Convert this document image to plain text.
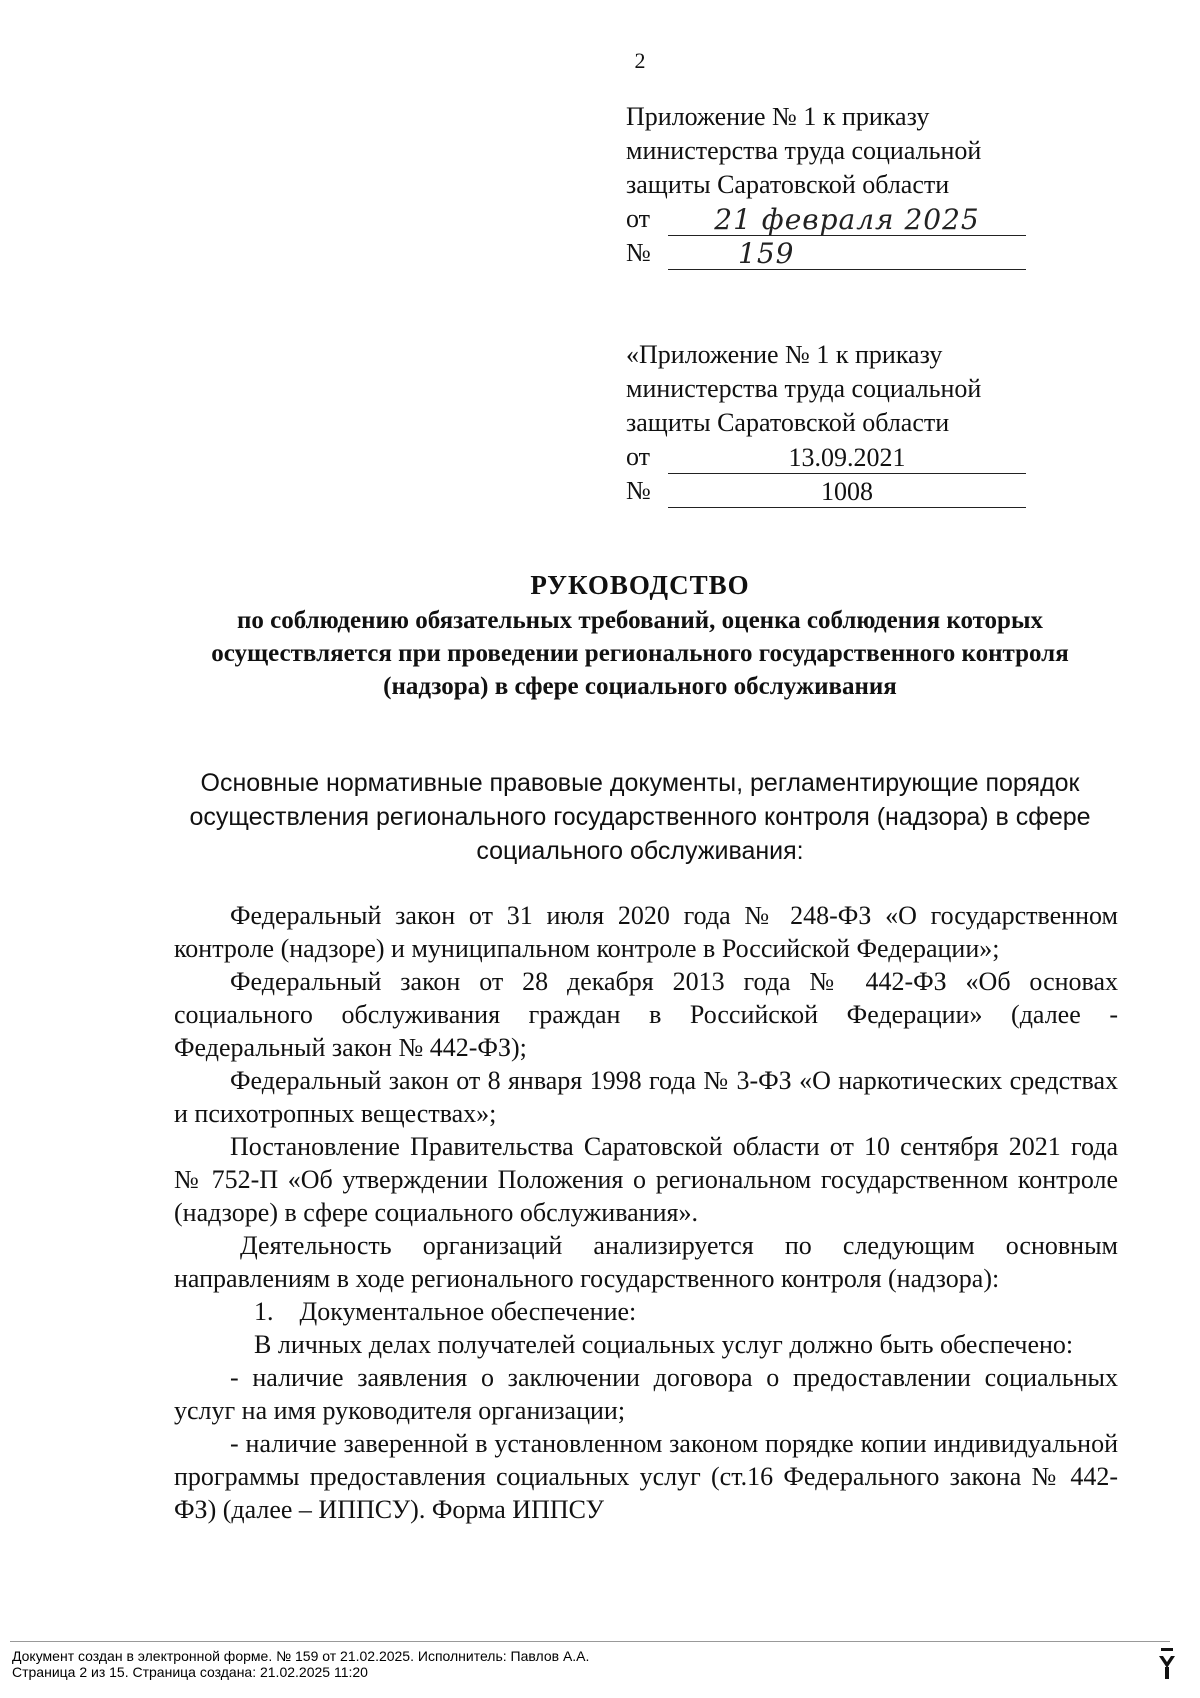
2
Приложение № 1 к приказу
министерства труда социальной
защиты Саратовской области
от	21 февраля 2025
№	159
«Приложение № 1 к приказу
министерства труда социальной
защиты Саратовской области
от	13.09.2021
№	1008
РУКОВОДСТВО
по соблюдению обязательных требований, оценка соблюдения которых осуществляется при проведении регионального государственного контроля (надзора) в сфере социального обслуживания
Основные нормативные правовые документы, регламентирующие порядок осуществления регионального государственного контроля (надзора) в сфере социального обслуживания:

Федеральный закон от 31 июля 2020 года № 248-ФЗ «О государственном контроле (надзоре) и муниципальном контроле в Российской Федерации»;

Федеральный закон от 28 декабря 2013 года № 442-ФЗ «Об основах социального обслуживания граждан в Российской Федерации» (далее - Федеральный закон № 442-ФЗ);

Федеральный закон от 8 января 1998 года № 3-ФЗ «О наркотических средствах и психотропных веществах»;

Постановление Правительства Саратовской области от 10 сентября 2021 года № 752-П «Об утверждении Положения о региональном государственном контроле (надзоре) в сфере социального обслуживания».

Деятельность организаций анализируется по следующим основным направлениям в ходе регионального государственного контроля (надзора):

1.    Документальное обеспечение:

В личных делах получателей социальных услуг должно быть обеспечено:

- наличие заявления о заключении договора о предоставлении социальных услуг на имя руководителя организации;

- наличие заверенной в установленном законом порядке копии индивидуальной программы предоставления социальных услуг (ст.16 Федерального закона № 442-ФЗ) (далее – ИППСУ). Форма ИППСУ

Документ создан в электронной форме. № 159 от 21.02.2025. Исполнитель: Павлов А.А.
Страница 2 из 15. Страница создана: 21.02.2025 11:20
